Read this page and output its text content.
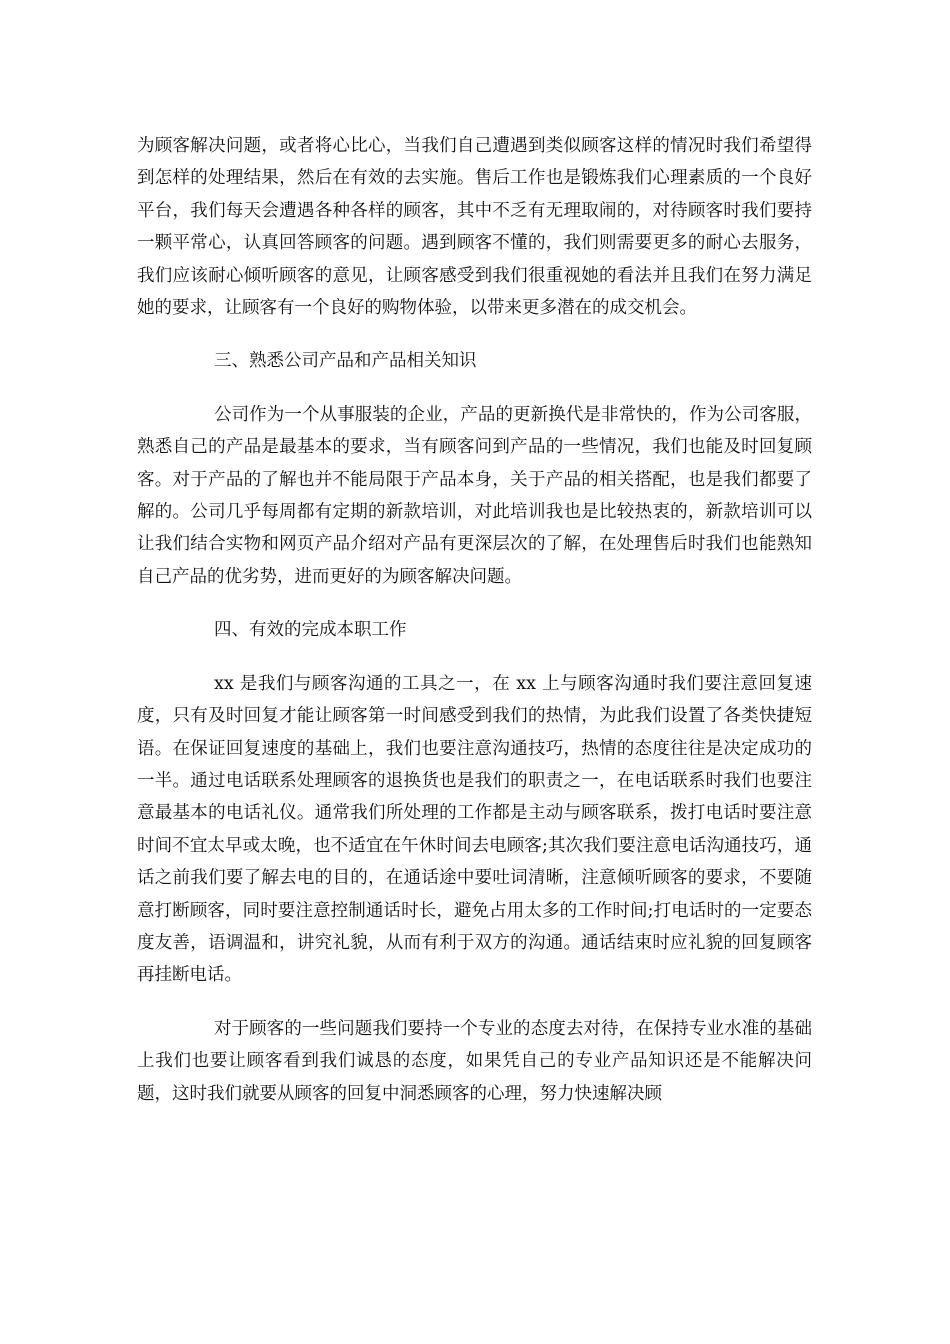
为顾客解决问题，或者将心比心，当我们自己遭遇到类似顾客这样的情况时我们希望得到怎样的处理结果，然后在有效的去实施。售后工作也是锻炼我们心理素质的一个良好平台，我们每天会遭遇各种各样的顾客，其中不乏有无理取闹的，对待顾客时我们要持一颗平常心，认真回答顾客的问题。遇到顾客不懂的，我们则需要更多的耐心去服务，我们应该耐心倾听顾客的意见，让顾客感受到我们很重视她的看法并且我们在努力满足她的要求，让顾客有一个良好的购物体验，以带来更多潜在的成交机会。

三、熟悉公司产品和产品相关知识

公司作为一个从事服装的企业，产品的更新换代是非常快的，作为公司客服，熟悉自己的产品是最基本的要求，当有顾客问到产品的一些情况，我们也能及时回复顾客。对于产品的了解也并不能局限于产品本身，关于产品的相关搭配，也是我们都要了解的。公司几乎每周都有定期的新款培训，对此培训我也是比较热衷的，新款培训可以让我们结合实物和网页产品介绍对产品有更深层次的了解，在处理售后时我们也能熟知自己产品的优劣势，进而更好的为顾客解决问题。

四、有效的完成本职工作

xx 是我们与顾客沟通的工具之一，在 xx 上与顾客沟通时我们要注意回复速度，只有及时回复才能让顾客第一时间感受到我们的热情，为此我们设置了各类快捷短语。在保证回复速度的基础上，我们也要注意沟通技巧，热情的态度往往是决定成功的一半。通过电话联系处理顾客的退换货也是我们的职责之一，在电话联系时我们也要注意最基本的电话礼仪。通常我们所处理的工作都是主动与顾客联系，拨打电话时要注意时间不宜太早或太晚，也不适宜在午休时间去电顾客;其次我们要注意电话沟通技巧，通话之前我们要了解去电的目的，在通话途中要吐词清晰，注意倾听顾客的要求，不要随意打断顾客，同时要注意控制通话时长，避免占用太多的工作时间;打电话时的一定要态度友善，语调温和，讲究礼貌，从而有利于双方的沟通。通话结束时应礼貌的回复顾客再挂断电话。

对于顾客的一些问题我们要持一个专业的态度去对待，在保持专业水准的基础上我们也要让顾客看到我们诚恳的态度，如果凭自己的专业产品知识还是不能解决问题，这时我们就要从顾客的回复中洞悉顾客的心理，努力快速解决顾
